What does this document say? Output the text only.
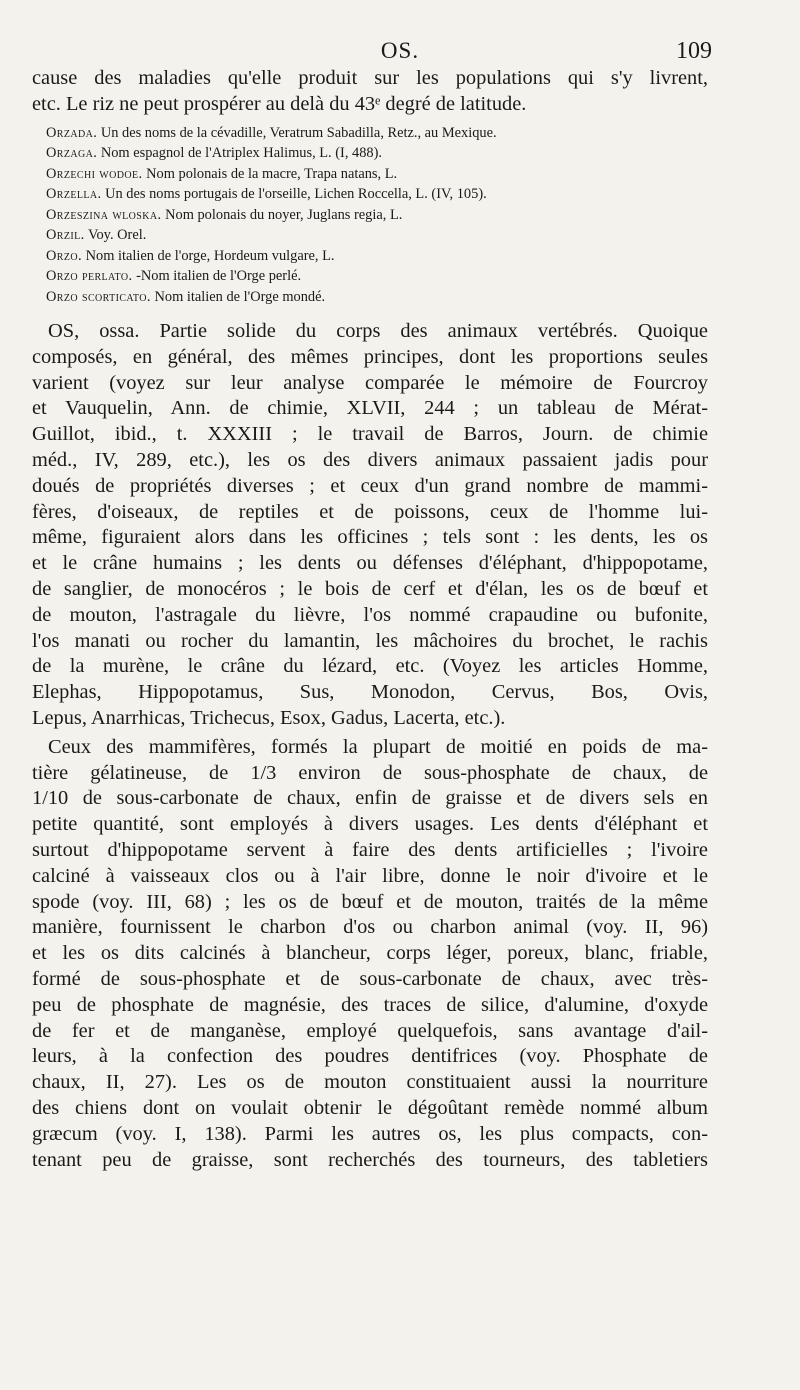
OS.	109
cause des maladies qu'elle produit sur les populations qui s'y livrent,
etc. Le riz ne peut prospérer au delà du 43ᵉ degré de latitude.
Orzada. Un des noms de la cévadille, Veratrum Sabadilla, Retz., au Mexique.
Orzaga. Nom espagnol de l'Atriplex Halimus, L. (I, 488).
Orzechi wodoe. Nom polonais de la macre, Trapa natans, L.
Orzella. Un des noms portugais de l'orseille, Lichen Roccella, L. (IV, 105).
Orzeszina wloska. Nom polonais du noyer, Juglans regia, L.
Orzil. Voy. Orel.
Orzo. Nom italien de l'orge, Hordeum vulgare, L.
Orzo perlato. -Nom italien de l'Orge perlé.
Orzo scorticato. Nom italien de l'Orge mondé.
OS, ossa. Partie solide du corps des animaux vertébrés. Quoique
composés, en général, des mêmes principes, dont les proportions seules
varient (voyez sur leur analyse comparée le mémoire de Fourcroy
et Vauquelin, Ann. de chimie, XLVII, 244 ; un tableau de Mérat-
Guillot, ibid., t. XXXIII ; le travail de Barros, Journ. de chimie
méd., IV, 289, etc.), les os des divers animaux passaient jadis pour
doués de propriétés diverses ; et ceux d'un grand nombre de mammi-
fères, d'oiseaux, de reptiles et de poissons, ceux de l'homme lui-
même, figuraient alors dans les officines ; tels sont : les dents, les os
et le crâne humains ; les dents ou défenses d'éléphant, d'hippopotame,
de sanglier, de monocéros ; le bois de cerf et d'élan, les os de bœuf et
de mouton, l'astragale du lièvre, l'os nommé crapaudine ou bufonite,
l'os manati ou rocher du lamantin, les mâchoires du brochet, le rachis
de la murène, le crâne du lézard, etc. (Voyez les articles Homme,
Elephas, Hippopotamus, Sus, Monodon, Cervus, Bos, Ovis,
Lepus, Anarrhicas, Trichecus, Esox, Gadus, Lacerta, etc.).
Ceux des mammifères, formés la plupart de moitié en poids de ma-
tière gélatineuse, de 1/3 environ de sous-phosphate de chaux, de
1/10 de sous-carbonate de chaux, enfin de graisse et de divers sels en
petite quantité, sont employés à divers usages. Les dents d'éléphant et
surtout d'hippopotame servent à faire des dents artificielles ; l'ivoire
calciné à vaisseaux clos ou à l'air libre, donne le noir d'ivoire et le
spode (voy. III, 68) ; les os de bœuf et de mouton, traités de la même
manière, fournissent le charbon d'os ou charbon animal (voy. II, 96)
et les os dits calcinés à blancheur, corps léger, poreux, blanc, friable,
formé de sous-phosphate et de sous-carbonate de chaux, avec très-
peu de phosphate de magnésie, des traces de silice, d'alumine, d'oxyde
de fer et de manganèse, employé quelquefois, sans avantage d'ail-
leurs, à la confection des poudres dentifrices (voy. Phosphate de
chaux, II, 27). Les os de mouton constituaient aussi la nourriture
des chiens dont on voulait obtenir le dégoûtant remède nommé album
græcum (voy. I, 138). Parmi les autres os, les plus compacts, con-
tenant peu de graisse, sont recherchés des tourneurs, des tabletiers
